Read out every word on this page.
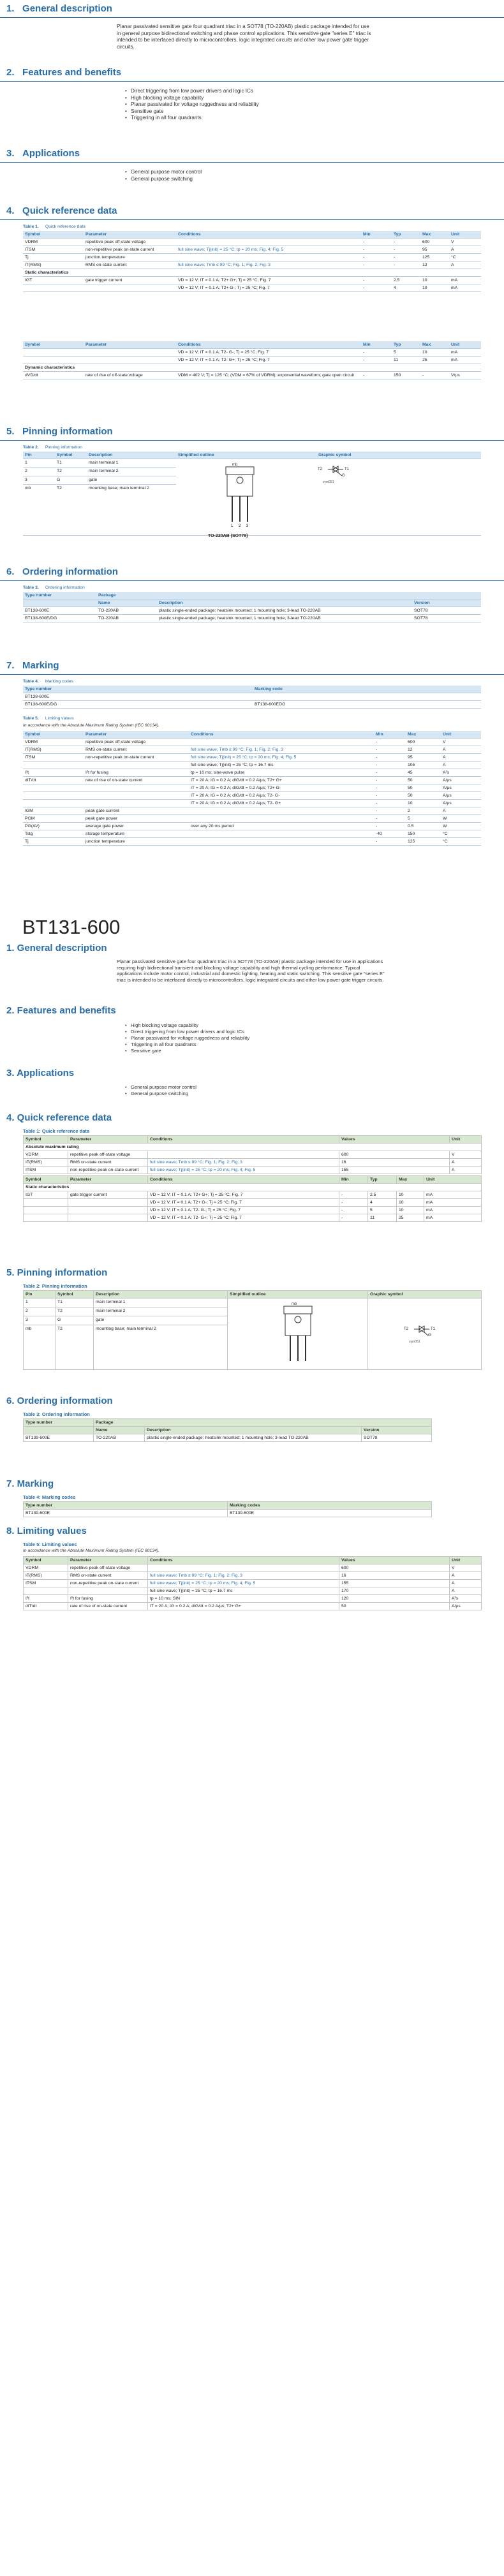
1. General description
Planar passivated sensitive gate four quadrant triac in a SOT78 (TO-220AB) plastic package intended for use in general purpose bidirectional switching and phase control applications. This sensitive gate "series E" triac is intended to be interfaced directly to microcontrollers, logic integrated circuits and other low power gate trigger circuits.
2. Features and benefits
• Direct triggering from low power drivers and logic ICs
• High blocking voltage capability
• Planar passivated for voltage ruggedness and reliability
• Sensitive gate
• Triggering in all four quadrants
3. Applications
• General purpose motor control
• General purpose switching
4. Quick reference data
Table 1. Quick reference data
Symbol	Parameter	Conditions	Min	Typ	Max	Unit
VDRM	repetitive peak off-state voltage		-	-	600	V
ITSM	non-repetitive peak on-state current	full sine wave; Tj(init) = 25 °C; tp = 20 ms; Fig. 4; Fig. 5	-	-	95	A
Tj	junction temperature		-	-	125	°C
IT(RMS)	RMS on-state current	full sine wave; Tmb ≤ 99 °C; Fig. 1; Fig. 2; Fig. 3	-	-	12	A
Static characteristics						
IGT	gate trigger current	VD = 12 V; IT = 0.1 A; T2+ G+; Tj = 25 °C; Fig. 7	-	2.5	10	mA
		VD = 12 V; IT = 0.1 A; T2+ G-; Tj = 25 °C; Fig. 7	-	4	10	mA
Symbol	Parameter	Conditions	Min	Typ	Max	Unit
		VD = 12 V; IT = 0.1 A; T2- G-; Tj = 25 °C; Fig. 7	-	5	10	mA
		VD = 12 V; IT = 0.1 A; T2- G+; Tj = 25 °C; Fig. 7	-	11	25	mA
Dynamic characteristics						
dVD/dt	rate of rise of off-state voltage	VDM = 402 V; Tj = 125 °C; (VDM = 67% of VDRM); exponential waveform; gate open circuit	-	150	-	V/μs
5. Pinning information
Table 2. Pinning information
Pin	Symbol	Description	Simplified outline	Graphic symbol
1	T1	main terminal 1	mb
1 2 3
TO-220AB (SOT78)	T2 T1
G
sym051

2	T2	main terminal 2		
3	G	gate		
mb	T2	mounting base; main terminal 2		
6. Ordering information
Table 3. Ordering information
Type number	Package		
	Name	Description	Version
BT138-600E	TO-220AB	plastic single-ended package; heatsink mounted; 1 mounting hole; 3-lead TO-220AB	SOT78
BT138-600E/DG	TO-220AB	plastic single-ended package; heatsink mounted; 1 mounting hole; 3-lead TO-220AB	SOT78
7. Marking
Table 4. Marking codes
Type number	Marking code
BT138-600E	
BT138-600E/DG	BT138-600EDG
Table 5. Limiting values
In accordance with the Absolute Maximum Rating System (IEC 60134).
Symbol	Parameter	Conditions	Min	Max	Unit
VDRM	repetitive peak off-state voltage		-	600	V
IT(RMS)	RMS on-state current	full sine wave; Tmb ≤ 99 °C; Fig. 1; Fig. 2; Fig. 3	-	12	A
ITSM	non-repetitive peak on-state current	full sine wave; Tj(init) = 25 °C; tp = 20 ms; Fig. 4; Fig. 5	-	95	A
		full sine wave; Tj(init) = 25 °C; tp = 16.7 ms	-	105	A
I²t	I²t for fusing	tp = 10 ms; sine-wave pulse	-	45	A²s
dIT/dt	rate of rise of on-state current	IT = 20 A; IG = 0.2 A; dIG/dt = 0.2 A/μs; T2+ G+	-	50	A/μs
		IT = 20 A; IG = 0.2 A; dIG/dt = 0.2 A/μs; T2+ G-	-	50	A/μs
		IT = 20 A; IG = 0.2 A; dIG/dt = 0.2 A/μs; T2- G-	-	50	A/μs
		IT = 20 A; IG = 0.2 A; dIG/dt = 0.2 A/μs; T2- G+	-	10	A/μs
IGM	peak gate current		-	2	A
PGM	peak gate power		-	5	W
PG(AV)	average gate power	over any 20 ms period	-	0.5	W
Tstg	storage temperature		-40	150	°C
Tj	junction temperature		-	125	°C
BT131-600
1. General description
Planar passivated sensitive gate four quadrant triac in a SOT78 (TO-220AB) plastic package intended for use in applications requiring high bidirectional transient and blocking voltage capability and high thermal cycling performance. Typical applications include motor control, industrial and domestic lighting, heating and static switching. This sensitive gate "series E" triac is intended to be interfaced directly to microcontrollers, logic integrated circuits and other low power gate trigger circuits.
2. Features and benefits
• High blocking voltage capability
• Direct triggering from low power drivers and logic ICs
• Planar passivated for voltage ruggedness and reliability
• Triggering in all four quadrants
• Sensitive gate
3. Applications
• General purpose motor control
• General purpose switching
4. Quick reference data
Table 1: Quick reference data
Symbol	Parameter	Conditions	Values	Unit
Absolute maximum rating				
VDRM	repetitive peak off-state voltage		600	V
IT(RMS)	RMS on-state current	full sine wave; Tmb ≤ 99 °C; Fig. 1; Fig. 2; Fig. 3	16	A
ITSM	non-repetitive peak on-state current	full sine wave; Tj(init) = 25 °C; tp = 20 ms; Fig. 4; Fig. 5	155	A
Symbol	Parameter	Conditions	Min	Typ	Max	Unit
Static characteristics						
IGT	gate trigger current	VD = 12 V; IT = 0.1 A; T2+ G+; Tj = 25 °C; Fig. 7	-	2.5	10	mA
		VD = 12 V; IT = 0.1 A; T2+ G-; Tj = 25 °C; Fig. 7	-	4	10	mA
		VD = 12 V; IT = 0.1 A; T2- G-; Tj = 25 °C; Fig. 7	-	5	10	mA
		VD = 12 V; IT = 0.1 A; T2- G+; Tj = 25 °C; Fig. 7	-	11	25	mA
5. Pinning information
Table 2: Pinning information
Pin	Symbol	Description	Simplified outline	Graphic symbol
1	T1	main terminal 1	mb	T2 T1
G
sym051

2	T2	main terminal 2		
3	G	gate		
mb	T2	mounting base; main terminal 2		
6. Ordering information
Table 3: Ordering information
Type number	Package		
	Name	Description	Version
BT139-600E	TO-220AB	plastic single-ended package; heatsink mounted; 1 mounting hole; 3-lead TO-220AB	SOT78
7. Marking
Table 4: Marking codes
Type number	Marking codes
BT139-600E	BT139-600E
8. Limiting values
Table 5: Limiting values
In accordance with the Absolute Maximum Rating System (IEC 60134).
Symbol	Parameter	Conditions	Values	Unit
VDRM	repetitive peak off-state voltage		600	V
IT(RMS)	RMS on-state current	full sine wave; Tmb ≤ 99 °C; Fig. 1; Fig. 2; Fig. 3	16	A
ITSM	non-repetitive peak on-state current	full sine wave; Tj(init) = 25 °C; tp = 20 ms; Fig. 4; Fig. 5	155	A
		full sine wave; Tj(init) = 25 °C; tp = 16.7 ms	170	A
I²t	I²t for fusing	tp = 10 ms; SIN	120	A²s
dIT/dt	rate of rise of on-state current	IT = 20 A; IG = 0.2 A; dIG/dt = 0.2 A/μs; T2+ G+	50	A/μs
